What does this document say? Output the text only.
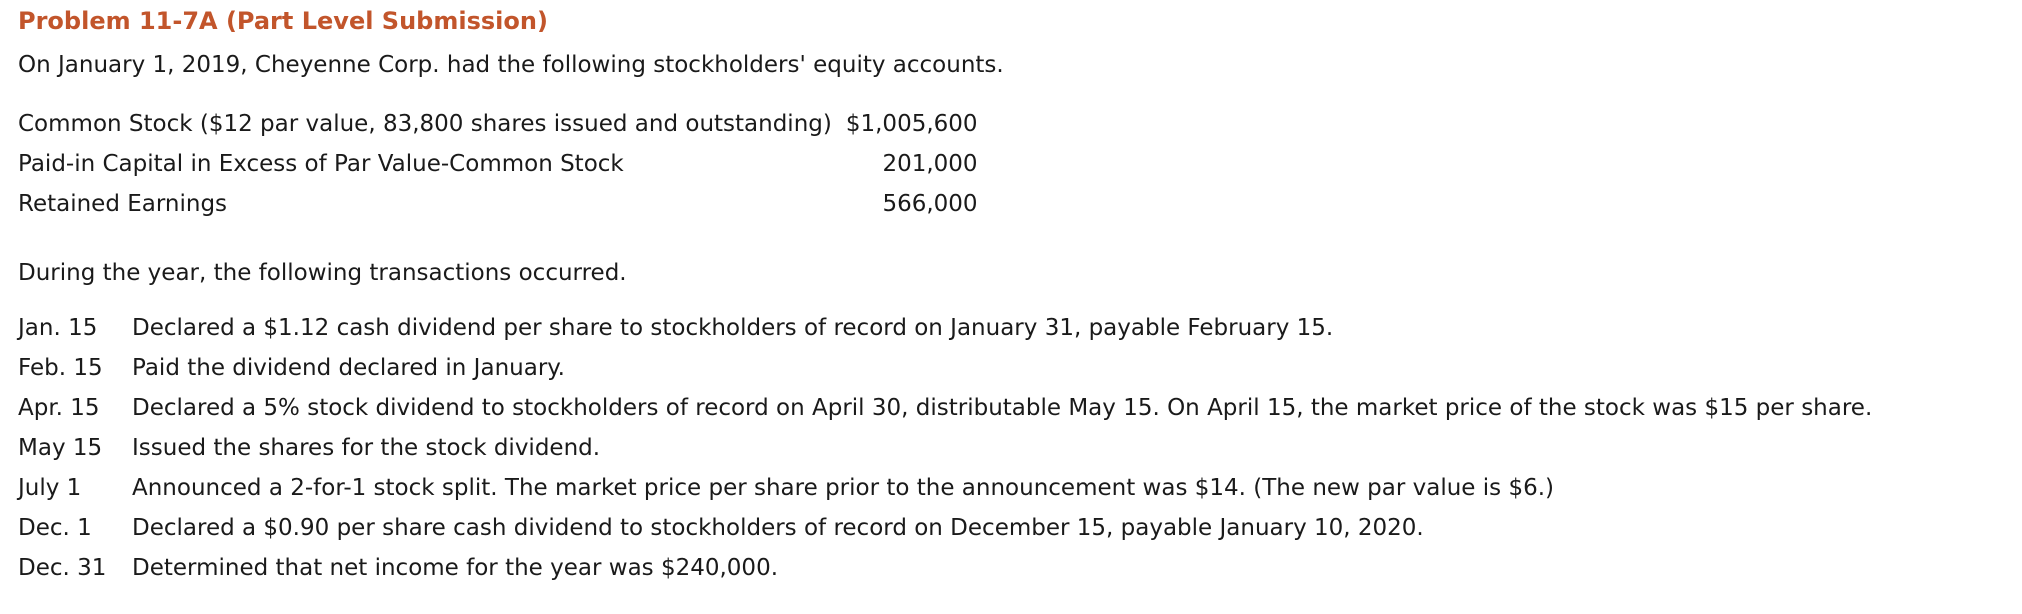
Problem 11-7A (Part Level Submission)

On January 1, 2019, Cheyenne Corp. had the following stockholders' equity accounts.

Common Stock ($12 par value, 83,800 shares issued and outstanding)	$1,005,600
Paid-in Capital in Excess of Par Value-Common Stock	201,000
Retained Earnings	566,000

During the year, the following transactions occurred.

Jan. 15	Declared a $1.12 cash dividend per share to stockholders of record on January 31, payable February 15.
Feb. 15	Paid the dividend declared in January.
Apr. 15	Declared a 5% stock dividend to stockholders of record on April 30, distributable May 15. On April 15, the market price of the stock was $15 per share.
May 15	Issued the shares for the stock dividend.
July 1	Announced a 2-for-1 stock split. The market price per share prior to the announcement was $14. (The new par value is $6.)
Dec. 1	Declared a $0.90 per share cash dividend to stockholders of record on December 15, payable January 10, 2020.
Dec. 31	Determined that net income for the year was $240,000.
